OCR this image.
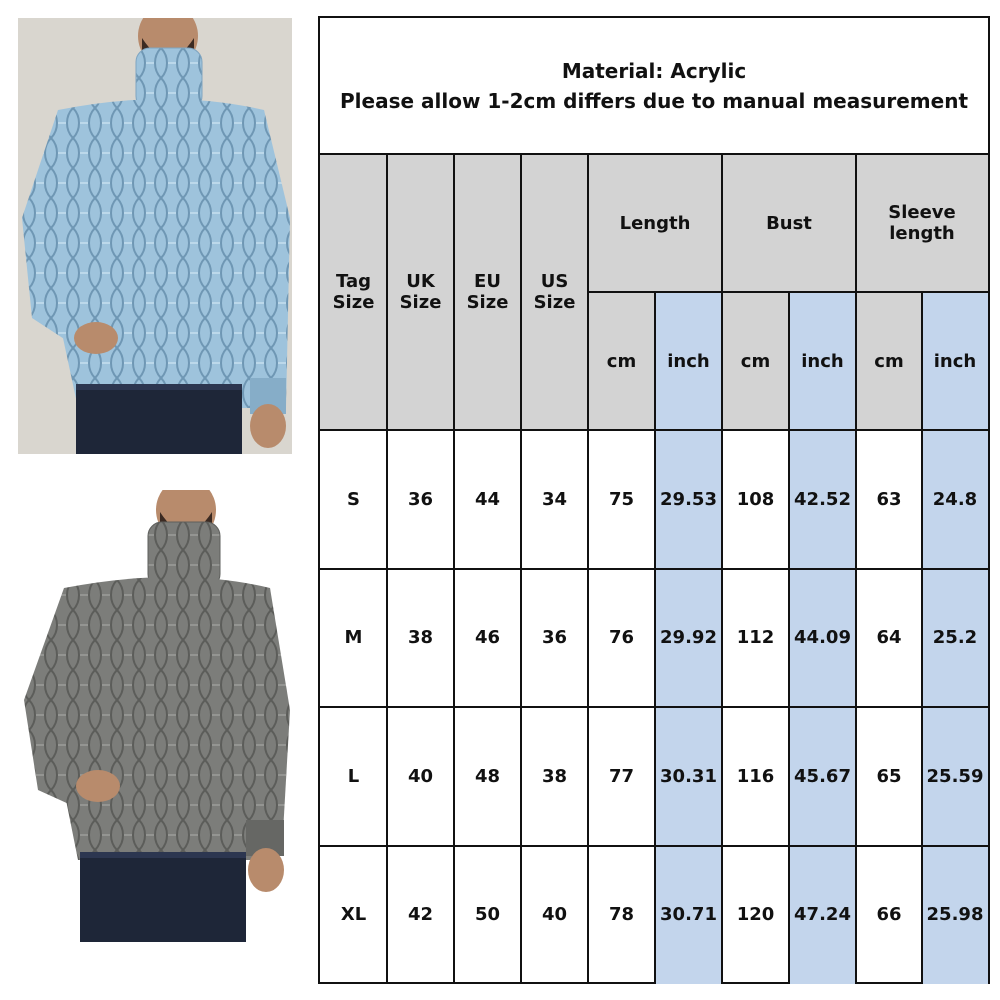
Material: Acrylic
Please allow 1-2cm differs due to manual measurement
Tag
Size
UK
Size
EU
Size
US
Size
Length	Bust	Sleeve length
cm	inch	cm	inch	cm	inch
S	36	44	34	75	29.53	108	42.52	63	24.8
M	38	46	36	76	29.92	112	44.09	64	25.2
L	40	48	38	77	30.31	116	45.67	65	25.59
XL	42	50	40	78	30.71	120	47.24	66	25.98
